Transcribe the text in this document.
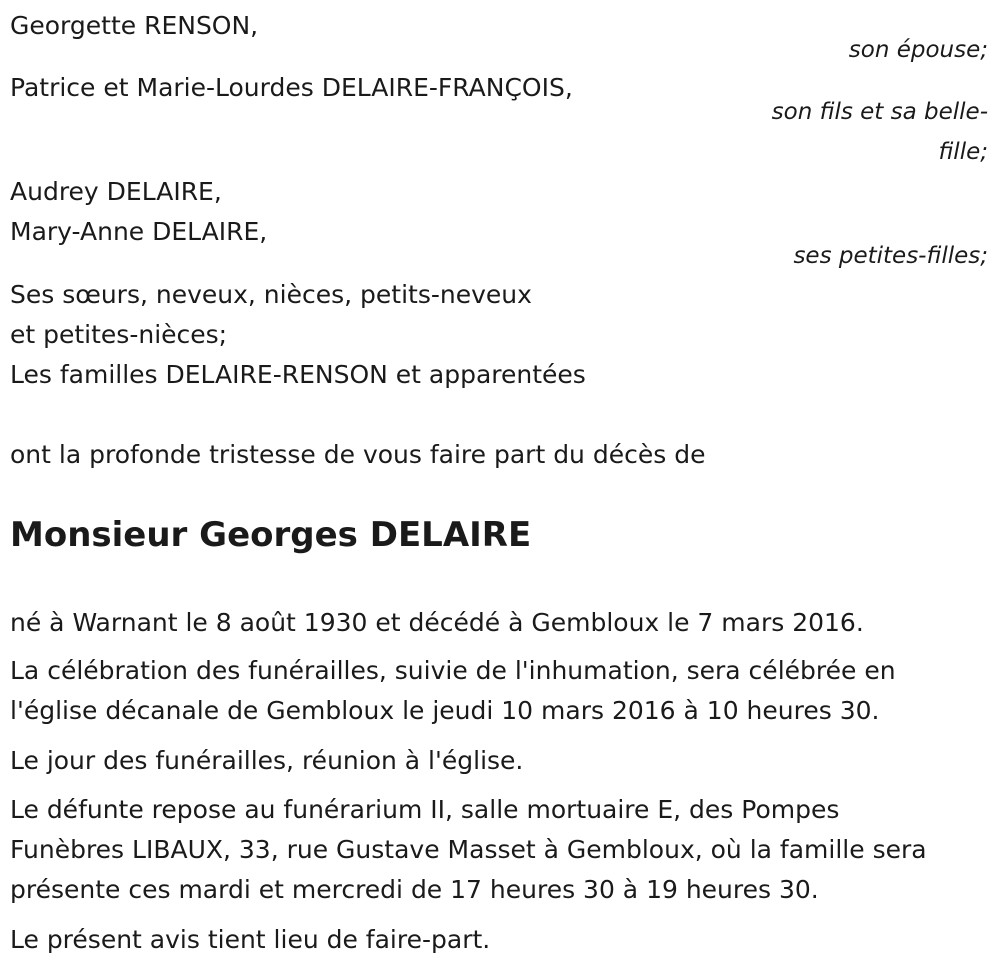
Georgette RENSON,
son épouse;
Patrice et Marie-Lourdes DELAIRE-FRANÇOIS,
son fils et sa belle-
fille;
Audrey DELAIRE,
Mary-Anne DELAIRE,
ses petites-filles;
Ses sœurs, neveux, nièces, petits-neveux
et petites-nièces;
Les familles DELAIRE-RENSON et apparentées
ont la profonde tristesse de vous faire part du décès de
Monsieur Georges DELAIRE
né à Warnant le 8 août 1930 et décédé à Gembloux le 7 mars 2016.
La célébration des funérailles, suivie de l'inhumation, sera célébrée en
l'église décanale de Gembloux le jeudi 10 mars 2016 à 10 heures 30.
Le jour des funérailles, réunion à l'église.
Le défunte repose au funérarium II, salle mortuaire E, des Pompes
Funèbres LIBAUX, 33, rue Gustave Masset à Gembloux, où la famille sera
présente ces mardi et mercredi de 17 heures 30 à 19 heures 30.
Le présent avis tient lieu de faire-part.
